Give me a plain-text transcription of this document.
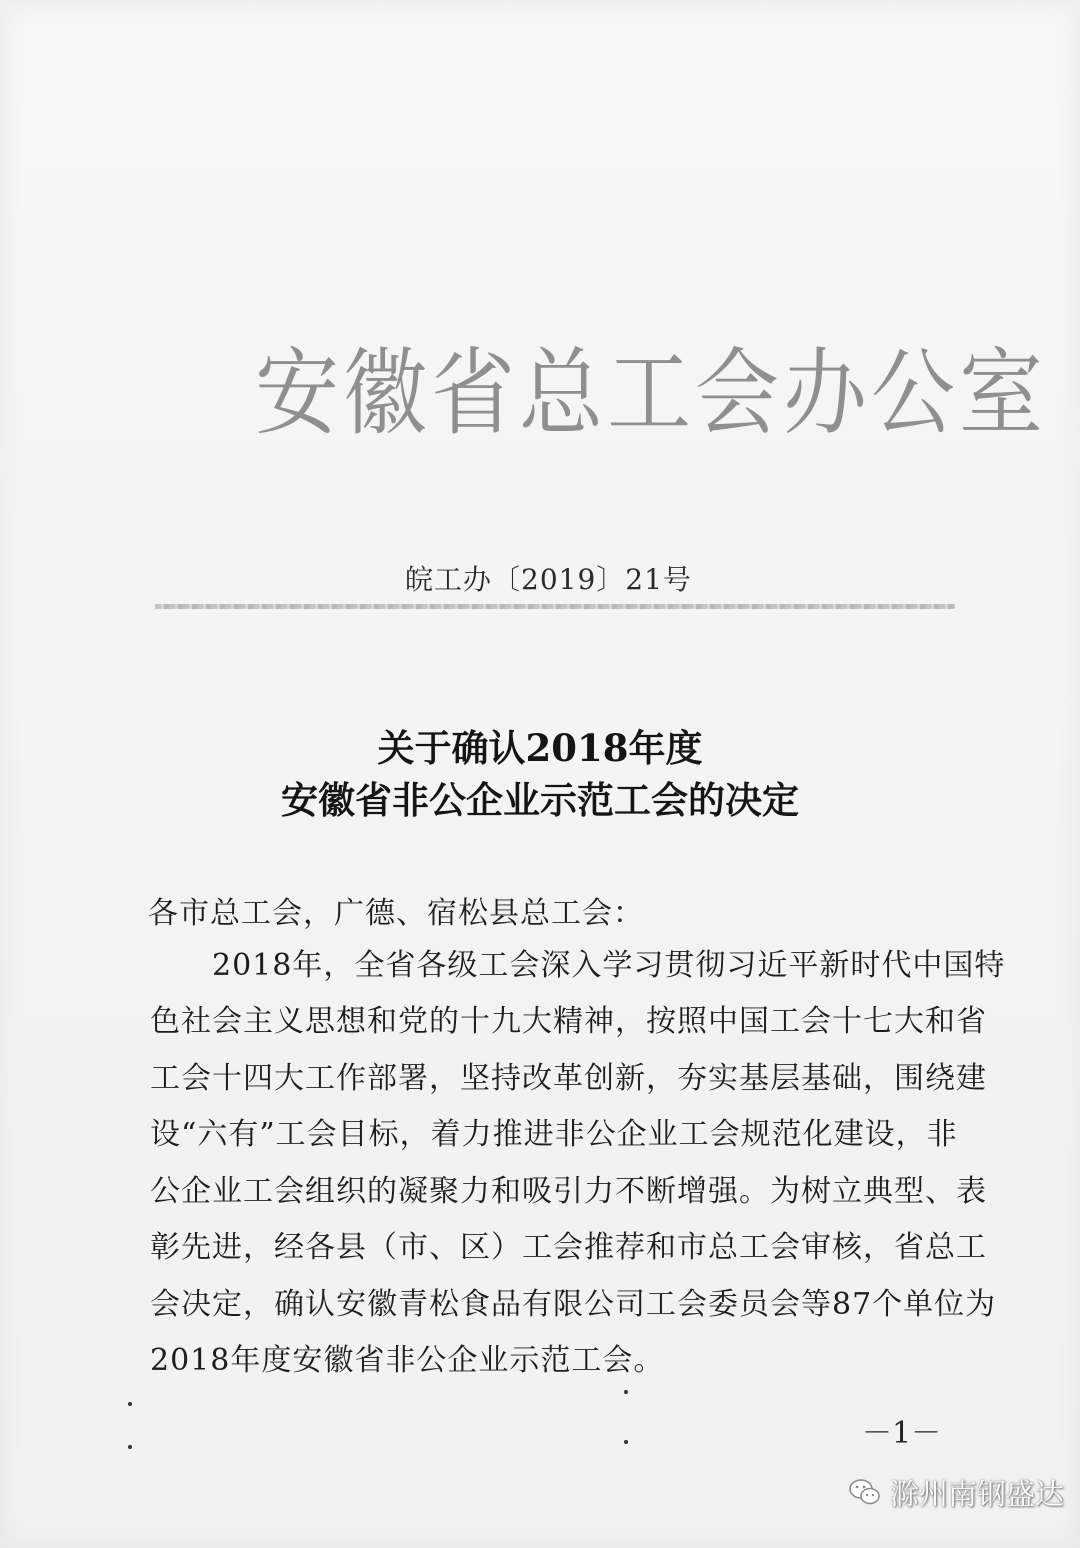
安徽省总工会办公室
皖工办〔2019〕21号
关于确认2018年度
安徽省非公企业示范工会的决定
各市总工会，广德、宿松县总工会：
2018年，全省各级工会深入学习贯彻习近平新时代中国特
色社会主义思想和党的十九大精神，按照中国工会十七大和省
工会十四大工作部署，坚持改革创新，夯实基层基础，围绕建
设“六有”工会目标，着力推进非公企业工会规范化建设，非
公企业工会组织的凝聚力和吸引力不断增强。为树立典型、表
彰先进，经各县（市、区）工会推荐和市总工会审核，省总工
会决定，确认安徽青松食品有限公司工会委员会等87个单位为
2018年度安徽省非公企业示范工会。
－1－
滁州南钢盛达
